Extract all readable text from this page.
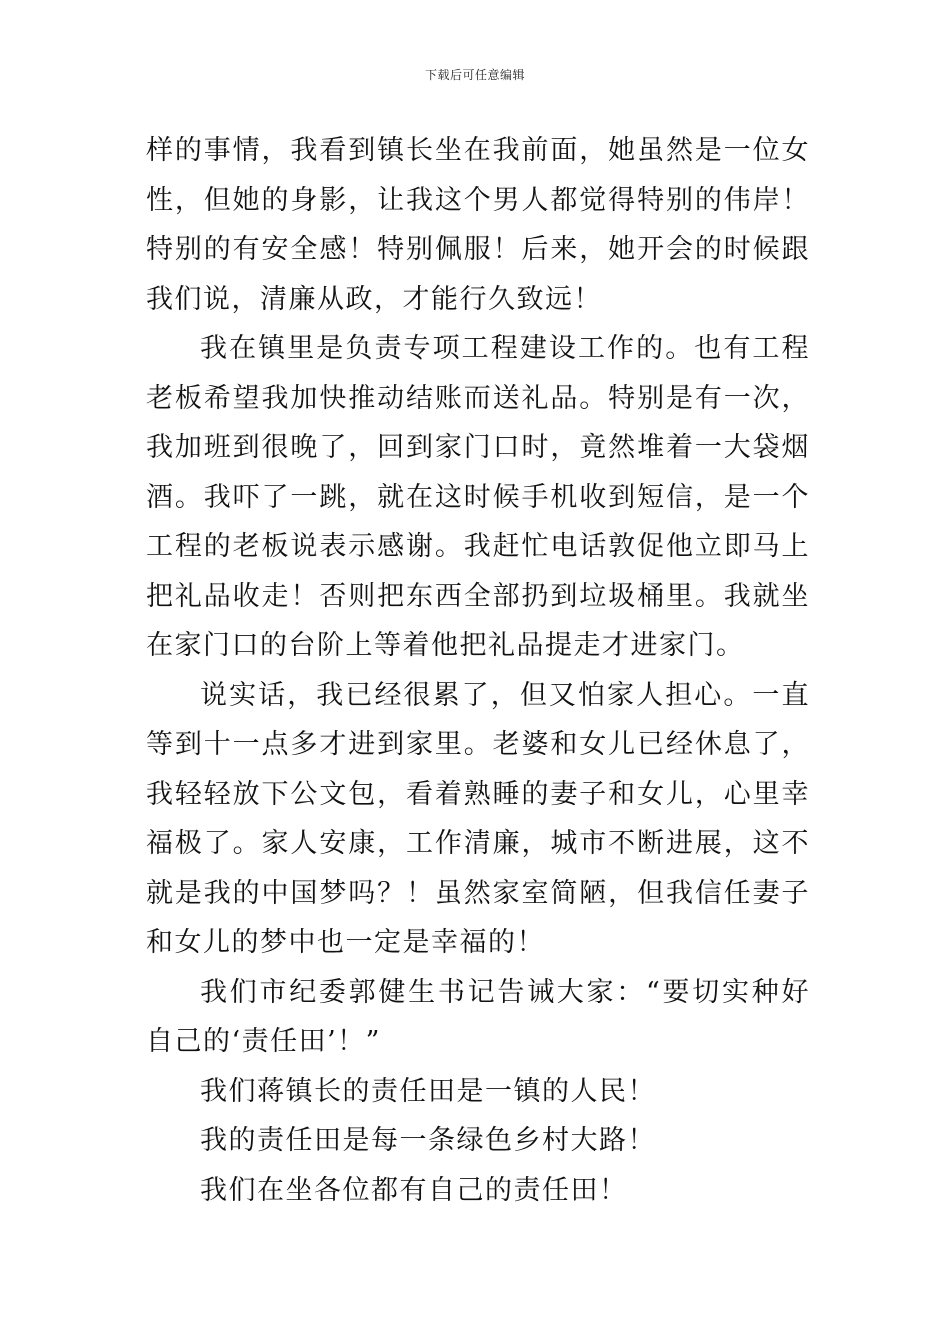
下载后可任意编辑

样的事情，我看到镇长坐在我前面，她虽然是一位女性，但她的身影，让我这个男人都觉得特别的伟岸！特别的有安全感！特别佩服！后来，她开会的时候跟我们说，清廉从政，才能行久致远！

我在镇里是负责专项工程建设工作的。也有工程老板希望我加快推动结账而送礼品。特别是有一次，我加班到很晚了，回到家门口时，竟然堆着一大袋烟酒。我吓了一跳，就在这时候手机收到短信，是一个工程的老板说表示感谢。我赶忙电话敦促他立即马上把礼品收走！否则把东西全部扔到垃圾桶里。我就坐在家门口的台阶上等着他把礼品提走才进家门。

说实话，我已经很累了，但又怕家人担心。一直等到十一点多才进到家里。老婆和女儿已经休息了，我轻轻放下公文包，看着熟睡的妻子和女儿，心里幸福极了。家人安康，工作清廉，城市不断进展，这不就是我的中国梦吗？！虽然家室简陋，但我信任妻子和女儿的梦中也一定是幸福的！

我们市纪委郭健生书记告诫大家：“要切实种好自己的‘责任田’！”

我们蒋镇长的责任田是一镇的人民！

我的责任田是每一条绿色乡村大路！

我们在坐各位都有自己的责任田！
